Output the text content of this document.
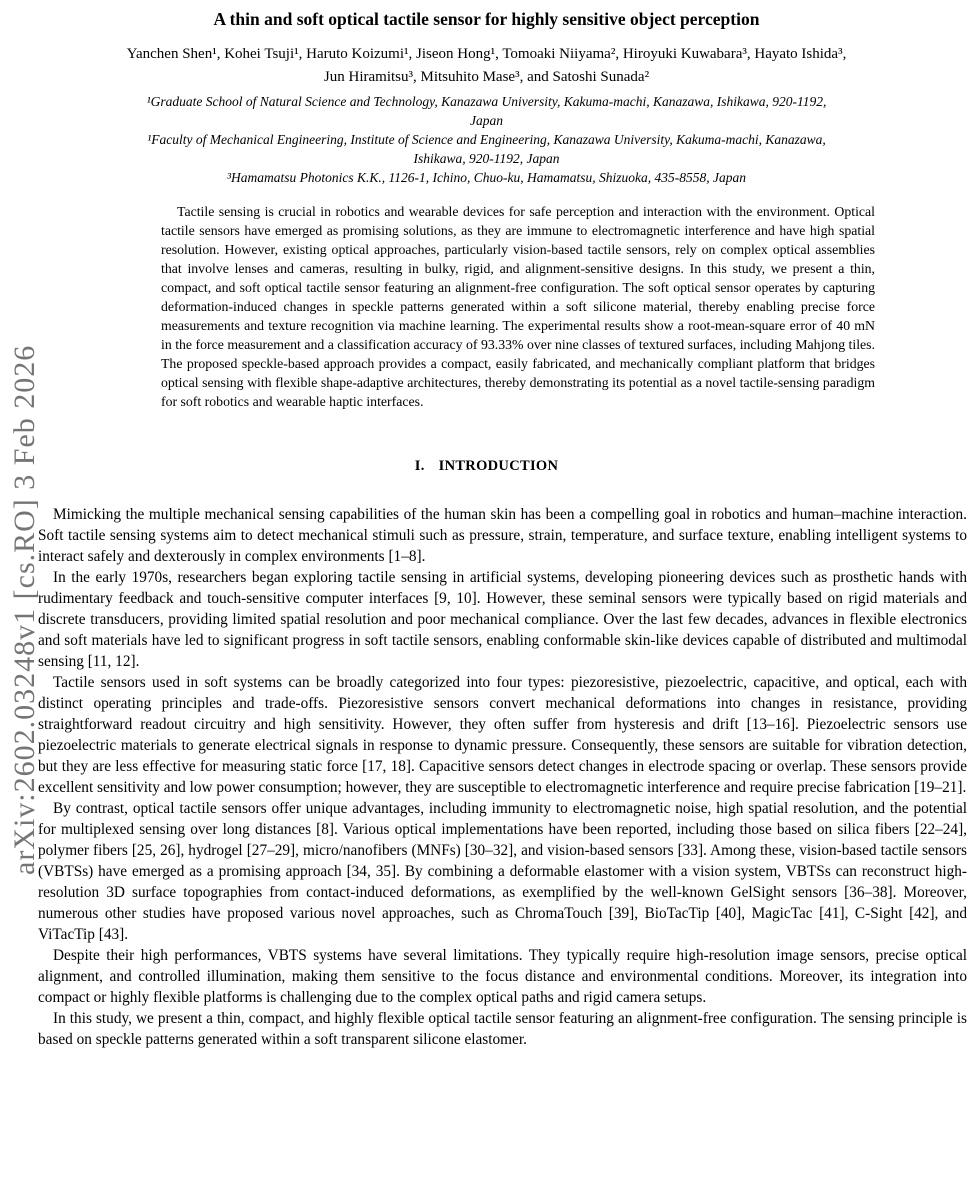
arXiv:2602.03248v1 [cs.RO] 3 Feb 2026
A thin and soft optical tactile sensor for highly sensitive object perception
Yanchen Shen¹, Kohei Tsuji¹, Haruto Koizumi¹, Jiseon Hong¹, Tomoaki Niiyama², Hiroyuki Kuwabara³, Hayato Ishida³, Jun Hiramitsu³, Mitsuhito Mase³, and Satoshi Sunada²
¹Graduate School of Natural Science and Technology, Kanazawa University, Kakuma-machi, Kanazawa, Ishikawa, 920-1192, Japan
¹Faculty of Mechanical Engineering, Institute of Science and Engineering, Kanazawa University, Kakuma-machi, Kanazawa, Ishikawa, 920-1192, Japan
³Hamamatsu Photonics K.K., 1126-1, Ichino, Chuo-ku, Hamamatsu, Shizuoka, 435-8558, Japan

Tactile sensing is crucial in robotics and wearable devices for safe perception and interaction with the environment. Optical tactile sensors have emerged as promising solutions, as they are immune to electromagnetic interference and have high spatial resolution. However, existing optical approaches, particularly vision-based tactile sensors, rely on complex optical assemblies that involve lenses and cameras, resulting in bulky, rigid, and alignment-sensitive designs. In this study, we present a thin, compact, and soft optical tactile sensor featuring an alignment-free configuration. The soft optical sensor operates by capturing deformation-induced changes in speckle patterns generated within a soft silicone material, thereby enabling precise force measurements and texture recognition via machine learning. The experimental results show a root-mean-square error of 40 mN in the force measurement and a classification accuracy of 93.33% over nine classes of textured surfaces, including Mahjong tiles. The proposed speckle-based approach provides a compact, easily fabricated, and mechanically compliant platform that bridges optical sensing with flexible shape-adaptive architectures, thereby demonstrating its potential as a novel tactile-sensing paradigm for soft robotics and wearable haptic interfaces.

I. INTRODUCTION

Mimicking the multiple mechanical sensing capabilities of the human skin has been a compelling goal in robotics and human–machine interaction. Soft tactile sensing systems aim to detect mechanical stimuli such as pressure, strain, temperature, and surface texture, enabling intelligent systems to interact safely and dexterously in complex environments [1–8].

In the early 1970s, researchers began exploring tactile sensing in artificial systems, developing pioneering devices such as prosthetic hands with rudimentary feedback and touch-sensitive computer interfaces [9, 10]. However, these seminal sensors were typically based on rigid materials and discrete transducers, providing limited spatial resolution and poor mechanical compliance. Over the last few decades, advances in flexible electronics and soft materials have led to significant progress in soft tactile sensors, enabling conformable skin-like devices capable of distributed and multimodal sensing [11, 12].

Tactile sensors used in soft systems can be broadly categorized into four types: piezoresistive, piezoelectric, capacitive, and optical, each with distinct operating principles and trade-offs. Piezoresistive sensors convert mechanical deformations into changes in resistance, providing straightforward readout circuitry and high sensitivity. However, they often suffer from hysteresis and drift [13–16]. Piezoelectric sensors use piezoelectric materials to generate electrical signals in response to dynamic pressure. Consequently, these sensors are suitable for vibration detection, but they are less effective for measuring static force [17, 18]. Capacitive sensors detect changes in electrode spacing or overlap. These sensors provide excellent sensitivity and low power consumption; however, they are susceptible to electromagnetic interference and require precise fabrication [19–21].

By contrast, optical tactile sensors offer unique advantages, including immunity to electromagnetic noise, high spatial resolution, and the potential for multiplexed sensing over long distances [8]. Various optical implementations have been reported, including those based on silica fibers [22–24], polymer fibers [25, 26], hydrogel [27–29], micro/nanofibers (MNFs) [30–32], and vision-based sensors [33]. Among these, vision-based tactile sensors (VBTSs) have emerged as a promising approach [34, 35]. By combining a deformable elastomer with a vision system, VBTSs can reconstruct high-resolution 3D surface topographies from contact-induced deformations, as exemplified by the well-known GelSight sensors [36–38]. Moreover, numerous other studies have proposed various novel approaches, such as ChromaTouch [39], BioTacTip [40], MagicTac [41], C-Sight [42], and ViTacTip [43].

Despite their high performances, VBTS systems have several limitations. They typically require high-resolution image sensors, precise optical alignment, and controlled illumination, making them sensitive to the focus distance and environmental conditions. Moreover, its integration into compact or highly flexible platforms is challenging due to the complex optical paths and rigid camera setups.

In this study, we present a thin, compact, and highly flexible optical tactile sensor featuring an alignment-free configuration. The sensing principle is based on speckle patterns generated within a soft transparent silicone elastomer.
